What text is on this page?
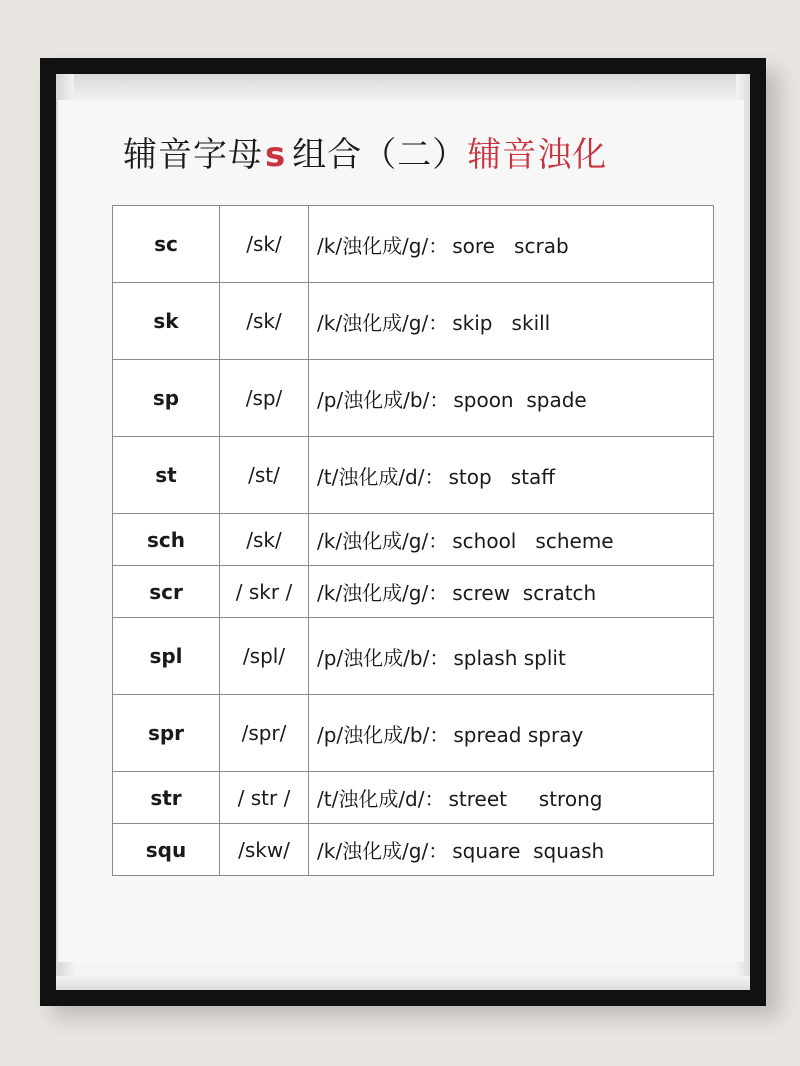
辅音字母s 组合（二）辅音浊化
sc	/sk/	/k/浊化成/g/： sore   scrab
sk	/sk/	/k/浊化成/g/： skip   skill
sp	/sp/	/p/浊化成/b/： spoon  spade
st	/st/	/t/浊化成/d/： stop   staff
sch	/sk/	/k/浊化成/g/： school   scheme
scr	/ skr /	/k/浊化成/g/： screw  scratch
spl	/spl/	/p/浊化成/b/： splash split
spr	/spr/	/p/浊化成/b/： spread spray
str	/ str /	/t/浊化成/d/： street     strong
squ	/skw/	/k/浊化成/g/： square  squash
